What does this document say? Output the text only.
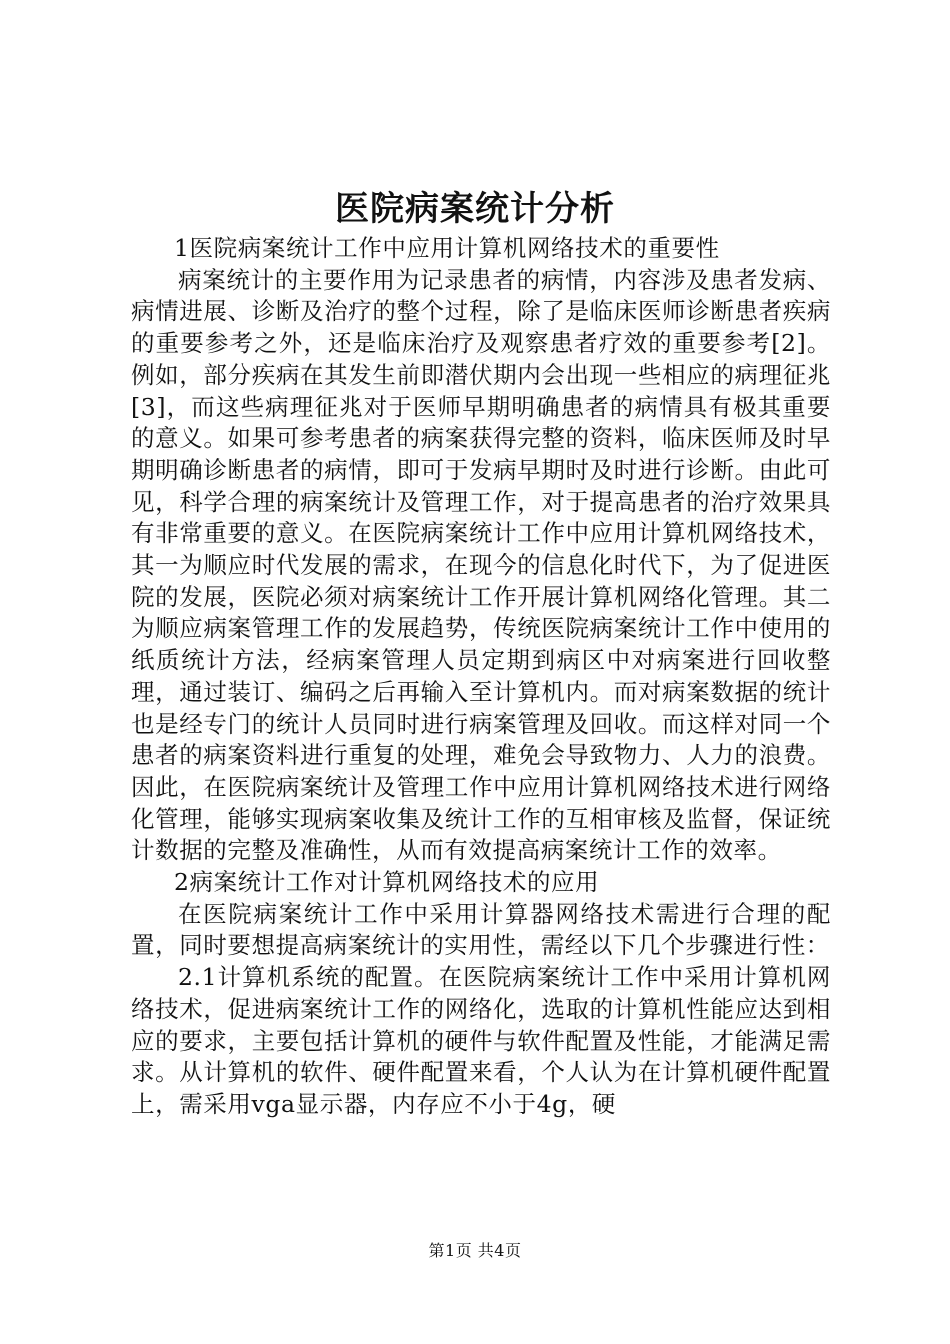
医院病案统计分析

1医院病案统计工作中应用计算机网络技术的重要性

病案统计的主要作用为记录患者的病情，内容涉及患者发病、病情进展、诊断及治疗的整个过程，除了是临床医师诊断患者疾病的重要参考之外，还是临床治疗及观察患者疗效的重要参考[2]。例如，部分疾病在其发生前即潜伏期内会出现一些相应的病理征兆[3]，而这些病理征兆对于医师早期明确患者的病情具有极其重要的意义。如果可参考患者的病案获得完整的资料，临床医师及时早期明确诊断患者的病情，即可于发病早期时及时进行诊断。由此可见，科学合理的病案统计及管理工作，对于提高患者的治疗效果具有非常重要的意义。在医院病案统计工作中应用计算机网络技术，其一为顺应时代发展的需求，在现今的信息化时代下，为了促进医院的发展，医院必须对病案统计工作开展计算机网络化管理。其二为顺应病案管理工作的发展趋势，传统医院病案统计工作中使用的纸质统计方法，经病案管理人员定期到病区中对病案进行回收整理，通过装订、编码之后再输入至计算机内。而对病案数据的统计也是经专门的统计人员同时进行病案管理及回收。而这样对同一个患者的病案资料进行重复的处理，难免会导致物力、人力的浪费。因此，在医院病案统计及管理工作中应用计算机网络技术进行网络化管理，能够实现病案收集及统计工作的互相审核及监督，保证统计数据的完整及准确性，从而有效提高病案统计工作的效率。

2病案统计工作对计算机网络技术的应用

在医院病案统计工作中采用计算器网络技术需进行合理的配置，同时要想提高病案统计的实用性，需经以下几个步骤进行性：

2.1计算机系统的配置。在医院病案统计工作中采用计算机网络技术，促进病案统计工作的网络化，选取的计算机性能应达到相应的要求，主要包括计算机的硬件与软件配置及性能，才能满足需求。从计算机的软件、硬件配置来看，个人认为在计算机硬件配置上，需采用vga显示器，内存应不小于4g，硬

第1页 共4页
